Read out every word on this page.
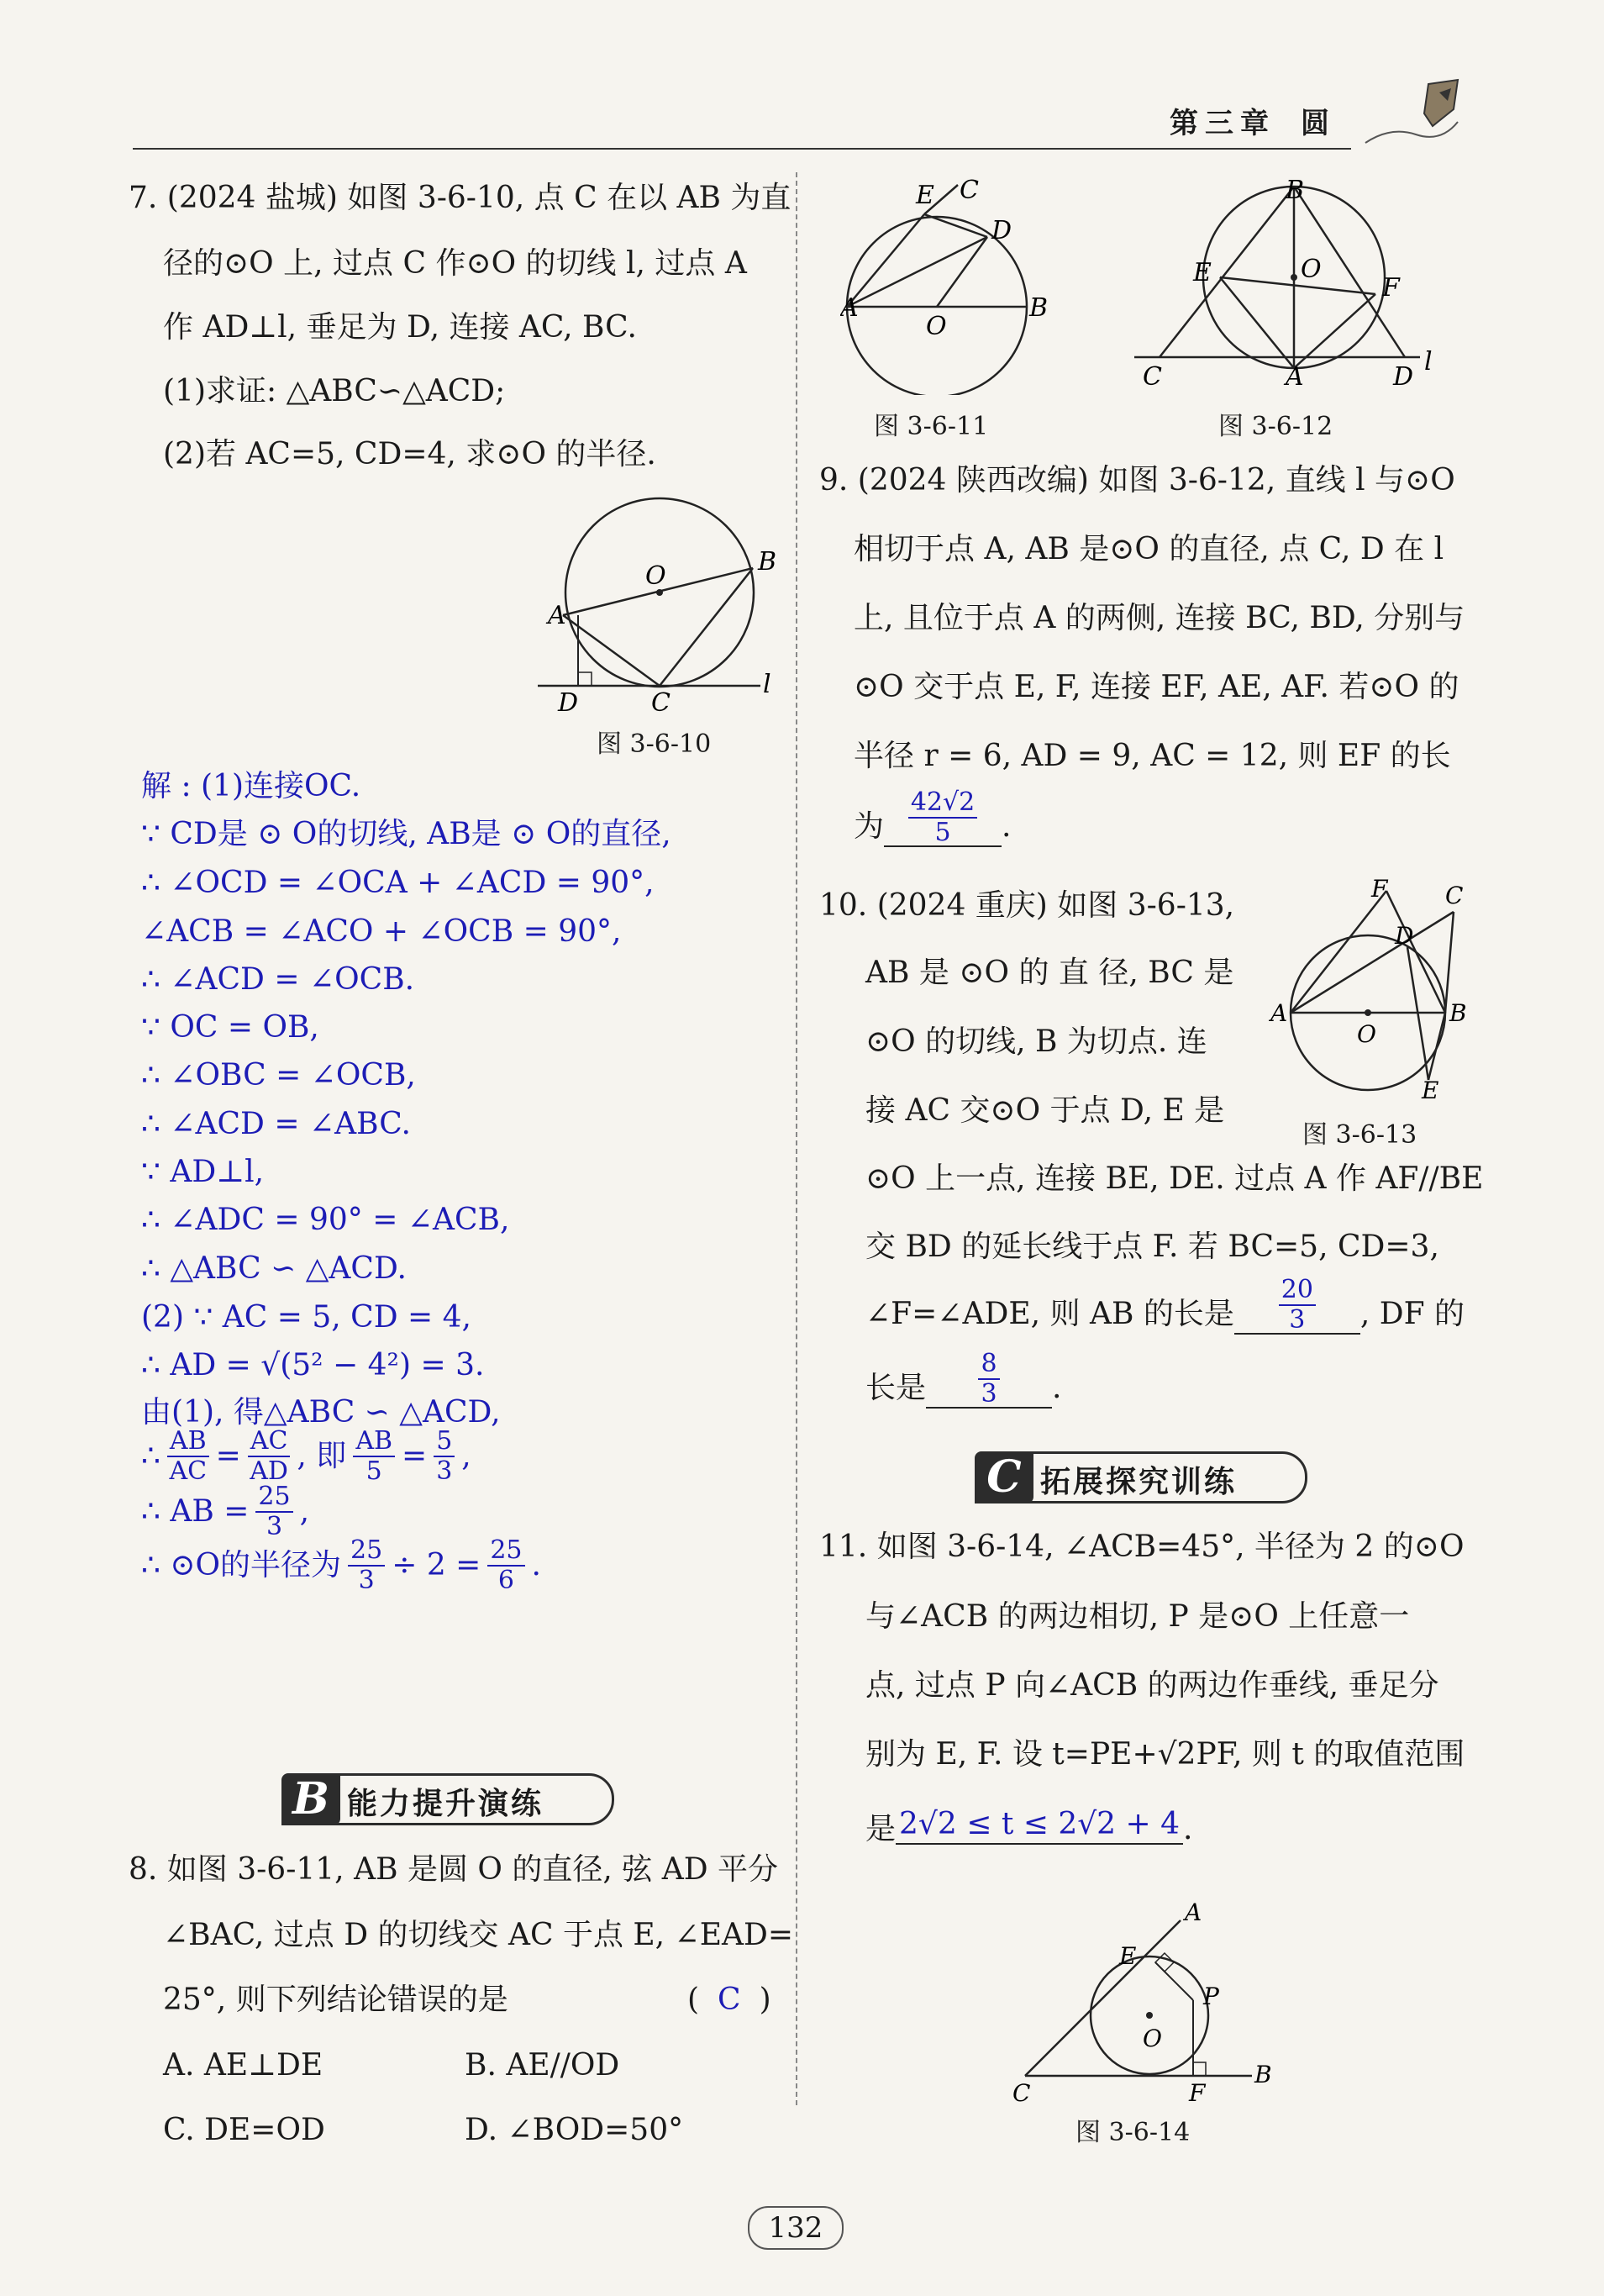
第三章 圆
7. (2024 盐城) 如图 3-6-10, 点 C 在以 AB 为直
径的⊙O 上, 过点 C 作⊙O 的切线 l, 过点 A
作 AD⊥l, 垂足为 D, 连接 AC, BC.
(1)求证: △ABC∽△ACD;
(2)若 AC=5, CD=4, 求⊙O 的半径.
O	B
A
D	C
l
图 3-6-10
解 : (1)连接OC.
∵ CD是 ⊙ O的切线, AB是 ⊙ O的直径,
∴ ∠OCD = ∠OCA + ∠ACD = 90°,
∠ACB = ∠ACO + ∠OCB = 90°,
∴ ∠ACD = ∠OCB.
∵ OC = OB,
∴ ∠OBC = ∠OCB,
∴ ∠ACD = ∠ABC.
∵ AD⊥l,
∴ ∠ADC = 90° = ∠ACB,
∴ △ABC ∽ △ACD.
(2) ∵ AC = 5, CD = 4,
∴ AD = √(5² − 4²) = 3.
由(1), 得△ABC ∽ △ACD,
∴ $\frac{AB}{AC} = \frac{AC}{AD}$ , 即 $\frac{AB}{5} = \frac{5}{3}$ ,
∴ AB = $\frac{25}{3}$ ,
∴ ⊙O的半径为 $\frac{25}{3} \div 2 = \frac{25}{6}$ .
B 能力提升演练
8. 如图 3-6-11, AB 是圆 O 的直径, 弦 AD 平分
∠BAC, 过点 D 的切线交 AC 于点 E, ∠EAD=
25°, 则下列结论错误的是	( C )
A. AE⊥DE	B. AE//OD
C. DE=OD	D. ∠BOD=50°
E C
D
A
O
B
图 3-6-11
B
E	O
F
C	A	D
l
图 3-6-12
9. (2024 陕西改编) 如图 3-6-12, 直线 l 与⊙O
相切于点 A, AB 是⊙O 的直径, 点 C, D 在 l
上, 且位于点 A 的两侧, 连接 BC, BD, 分别与
⊙O 交于点 E, F, 连接 EF, AE, AF. 若⊙O 的
半径 r = 6, AD = 9, AC = 12, 则 EF 的长
为 $\frac{42√2}{5}$ .
10. (2024 重庆) 如图 3-6-13,
AB 是 ⊙O 的 直 径, BC 是
⊙O 的切线, B 为切点. 连
接 AC 交⊙O 于点 D, E 是
⊙O 上一点, 连接 BE, DE. 过点 A 作 AF//BE
交 BD 的延长线于点 F. 若 BC=5, CD=3,
∠F=∠ADE, 则 AB 的长是 $\frac{20}{3}$ , DF 的
长是 $\frac{8}{3}$ .
F
D
C
A
O
B
E
图 3-6-13
C 拓展探究训练
11. 如图 3-6-14, ∠ACB=45°, 半径为 2 的⊙O
与∠ACB 的两边相切, P 是⊙O 上任意一
点, 过点 P 向∠ACB 的两边作垂线, 垂足分
别为 E, F. 设 t=PE+√2PF, 则 t 的取值范围
是 2√2 ≤ t ≤ 2√2 + 4 .
A
E
P
O
C	F
B
图 3-6-14
132
